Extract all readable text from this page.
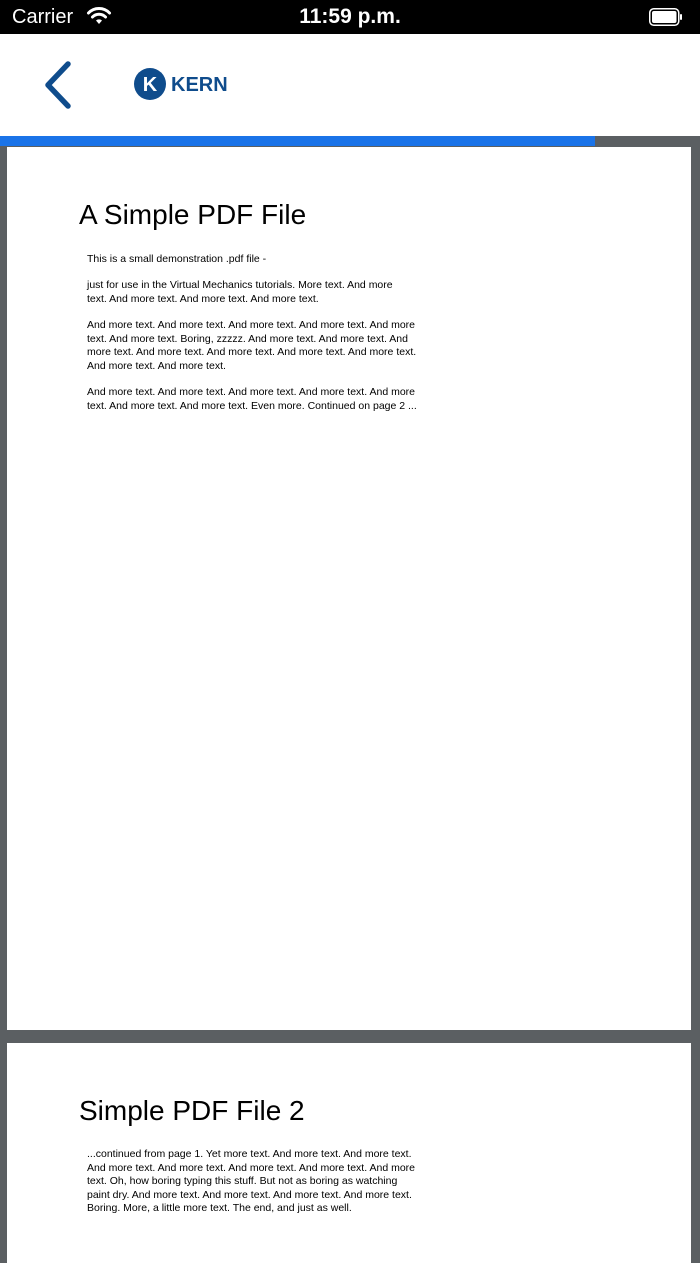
Carrier	11:59 p.m.
K KERN
A Simple PDF File
This is a small demonstration .pdf file -
just for use in the Virtual Mechanics tutorials. More text. And more
text. And more text. And more text. And more text.
And more text. And more text. And more text. And more text. And more
text. And more text. Boring, zzzzz. And more text. And more text. And
more text. And more text. And more text. And more text. And more text.
And more text. And more text.
And more text. And more text. And more text. And more text. And more
text. And more text. And more text. Even more. Continued on page 2 ...
Simple PDF File 2
...continued from page 1. Yet more text. And more text. And more text.
And more text. And more text. And more text. And more text. And more
text. Oh, how boring typing this stuff. But not as boring as watching
paint dry. And more text. And more text. And more text. And more text.
Boring. More, a little more text. The end, and just as well.
